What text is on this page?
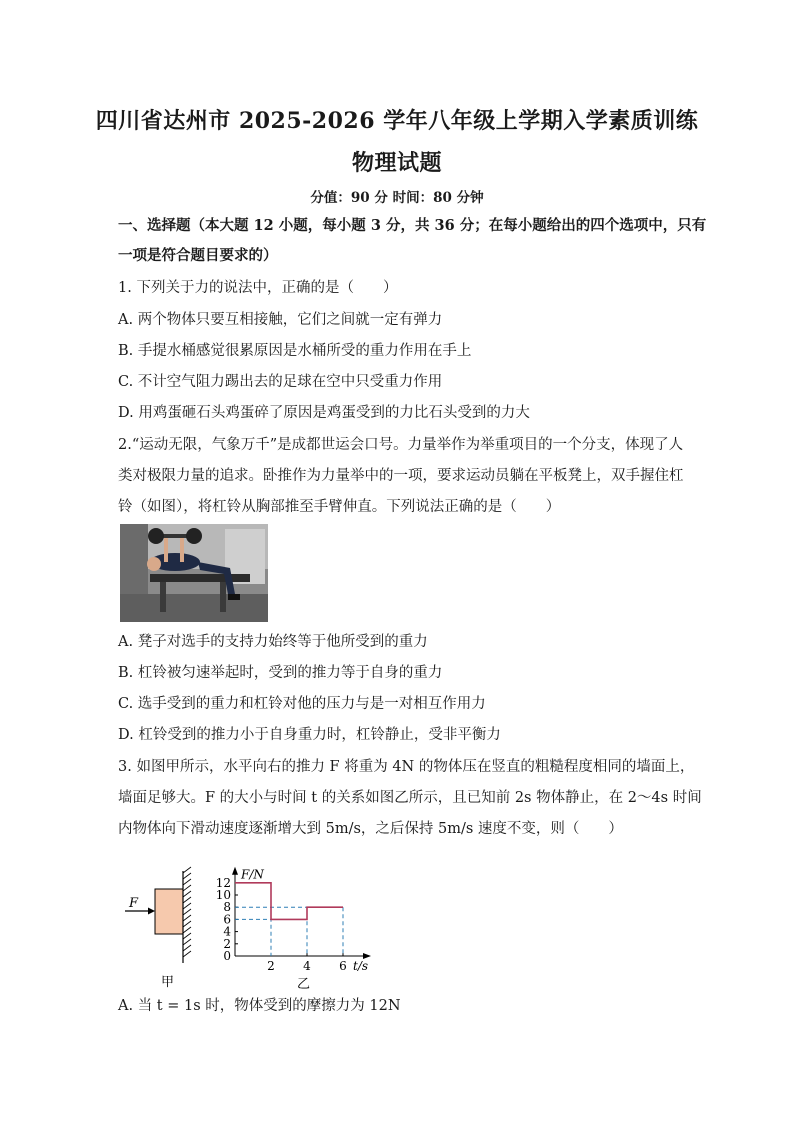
四川省达州市 2025-2026 学年八年级上学期入学素质训练
物理试题
分值：90 分 时间：80 分钟
一、选择题（本大题 12 小题，每小题 3 分，共 36 分；在每小题给出的四个选项中，只有
一项是符合题目要求的）
1. 下列关于力的说法中，正确的是（　　）
A. 两个物体只要互相接触，它们之间就一定有弹力
B. 手提水桶感觉很累原因是水桶所受的重力作用在手上
C. 不计空气阻力踢出去的足球在空中只受重力作用
D. 用鸡蛋砸石头鸡蛋碎了原因是鸡蛋受到的力比石头受到的力大
2.“运动无限，气象万千”是成都世运会口号。力量举作为举重项目的一个分支，体现了人
类对极限力量的追求。卧推作为力量举中的一项，要求运动员躺在平板凳上，双手握住杠
铃（如图），将杠铃从胸部推至手臂伸直。下列说法正确的是（　　）
A. 凳子对选手的支持力始终等于他所受到的重力
B. 杠铃被匀速举起时，受到的推力等于自身的重力
C. 选手受到的重力和杠铃对他的压力与是一对相互作用力
D. 杠铃受到的推力小于自身重力时，杠铃静止，受非平衡力
3. 如图甲所示，水平向右的推力 F 将重为 4N 的物体压在竖直的粗糙程度相同的墙面上，
墙面足够大。F 的大小与时间 t 的关系如图乙所示，且已知前 2s 物体静止，在 2～4s 时间
内物体向下滑动速度逐渐增大到 5m/s，之后保持 5m/s 速度不变，则（　　）
F
甲
0
2
4
6
8
10
12
2 4 6
F/N
t/s
乙
A. 当 t = 1s 时，物体受到的摩擦力为 12N
